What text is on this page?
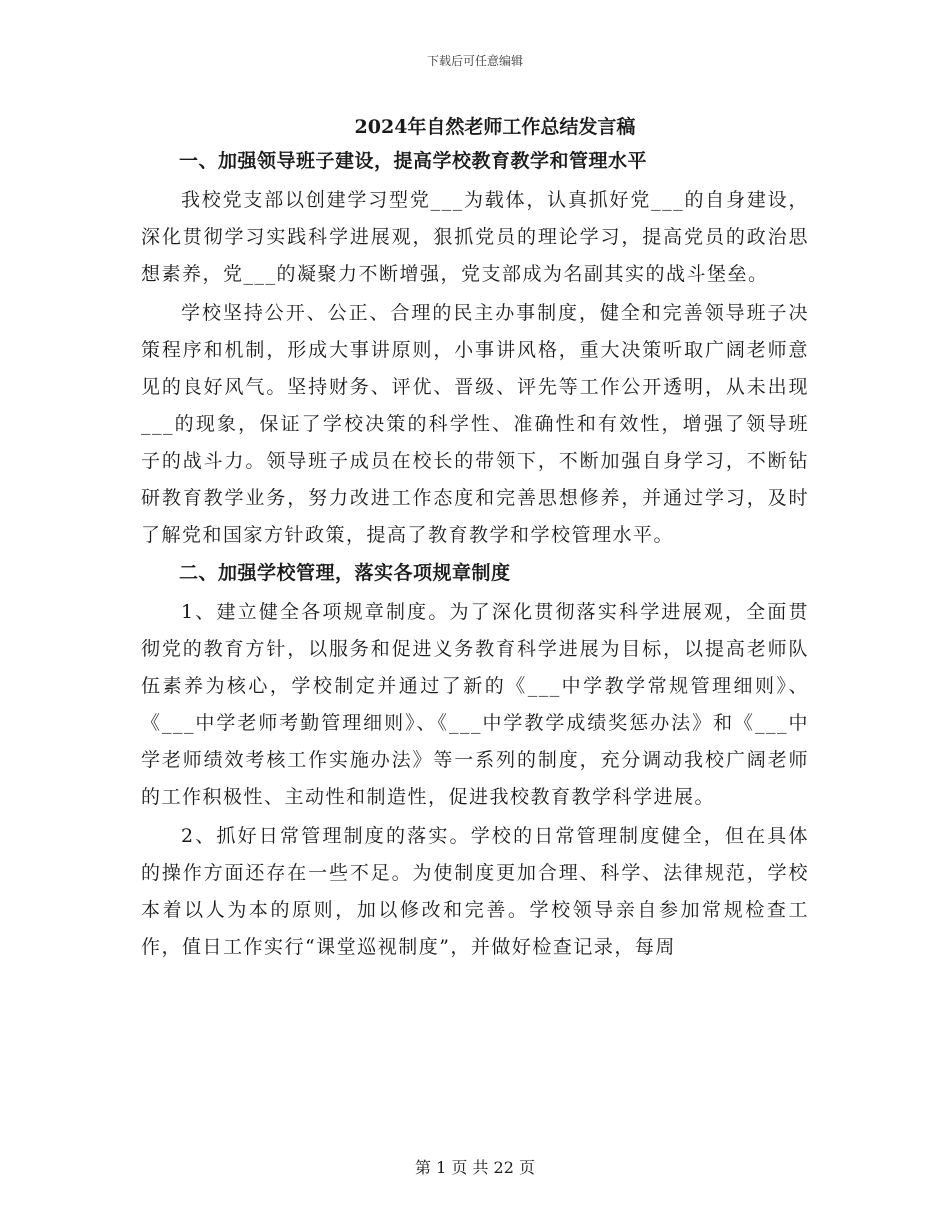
下载后可任意编辑
2024年自然老师工作总结发言稿
一、加强领导班子建设，提高学校教育教学和管理水平

我校党支部以创建学习型党___为载体，认真抓好党___的自身建设，深化贯彻学习实践科学进展观，狠抓党员的理论学习，提高党员的政治思想素养，党___的凝聚力不断增强，党支部成为名副其实的战斗堡垒。

学校坚持公开、公正、合理的民主办事制度，健全和完善领导班子决策程序和机制，形成大事讲原则，小事讲风格，重大决策听取广阔老师意见的良好风气。坚持财务、评优、晋级、评先等工作公开透明，从未出现___的现象，保证了学校决策的科学性、准确性和有效性，增强了领导班子的战斗力。领导班子成员在校长的带领下，不断加强自身学习，不断钻研教育教学业务，努力改进工作态度和完善思想修养，并通过学习，及时了解党和国家方针政策，提高了教育教学和学校管理水平。

二、加强学校管理，落实各项规章制度

1、建立健全各项规章制度。为了深化贯彻落实科学进展观，全面贯彻党的教育方针，以服务和促进义务教育科学进展为目标，以提高老师队伍素养为核心，学校制定并通过了新的《___中学教学常规管理细则》、《___中学老师考勤管理细则》、《___中学教学成绩奖惩办法》和《___中学老师绩效考核工作实施办法》等一系列的制度，充分调动我校广阔老师的工作积极性、主动性和制造性，促进我校教育教学科学进展。

2、抓好日常管理制度的落实。学校的日常管理制度健全，但在具体的操作方面还存在一些不足。为使制度更加合理、科学、法律规范，学校本着以人为本的原则，加以修改和完善。学校领导亲自参加常规检查工作，值日工作实行“课堂巡视制度”，并做好检查记录，每周

第 1 页 共 22 页
